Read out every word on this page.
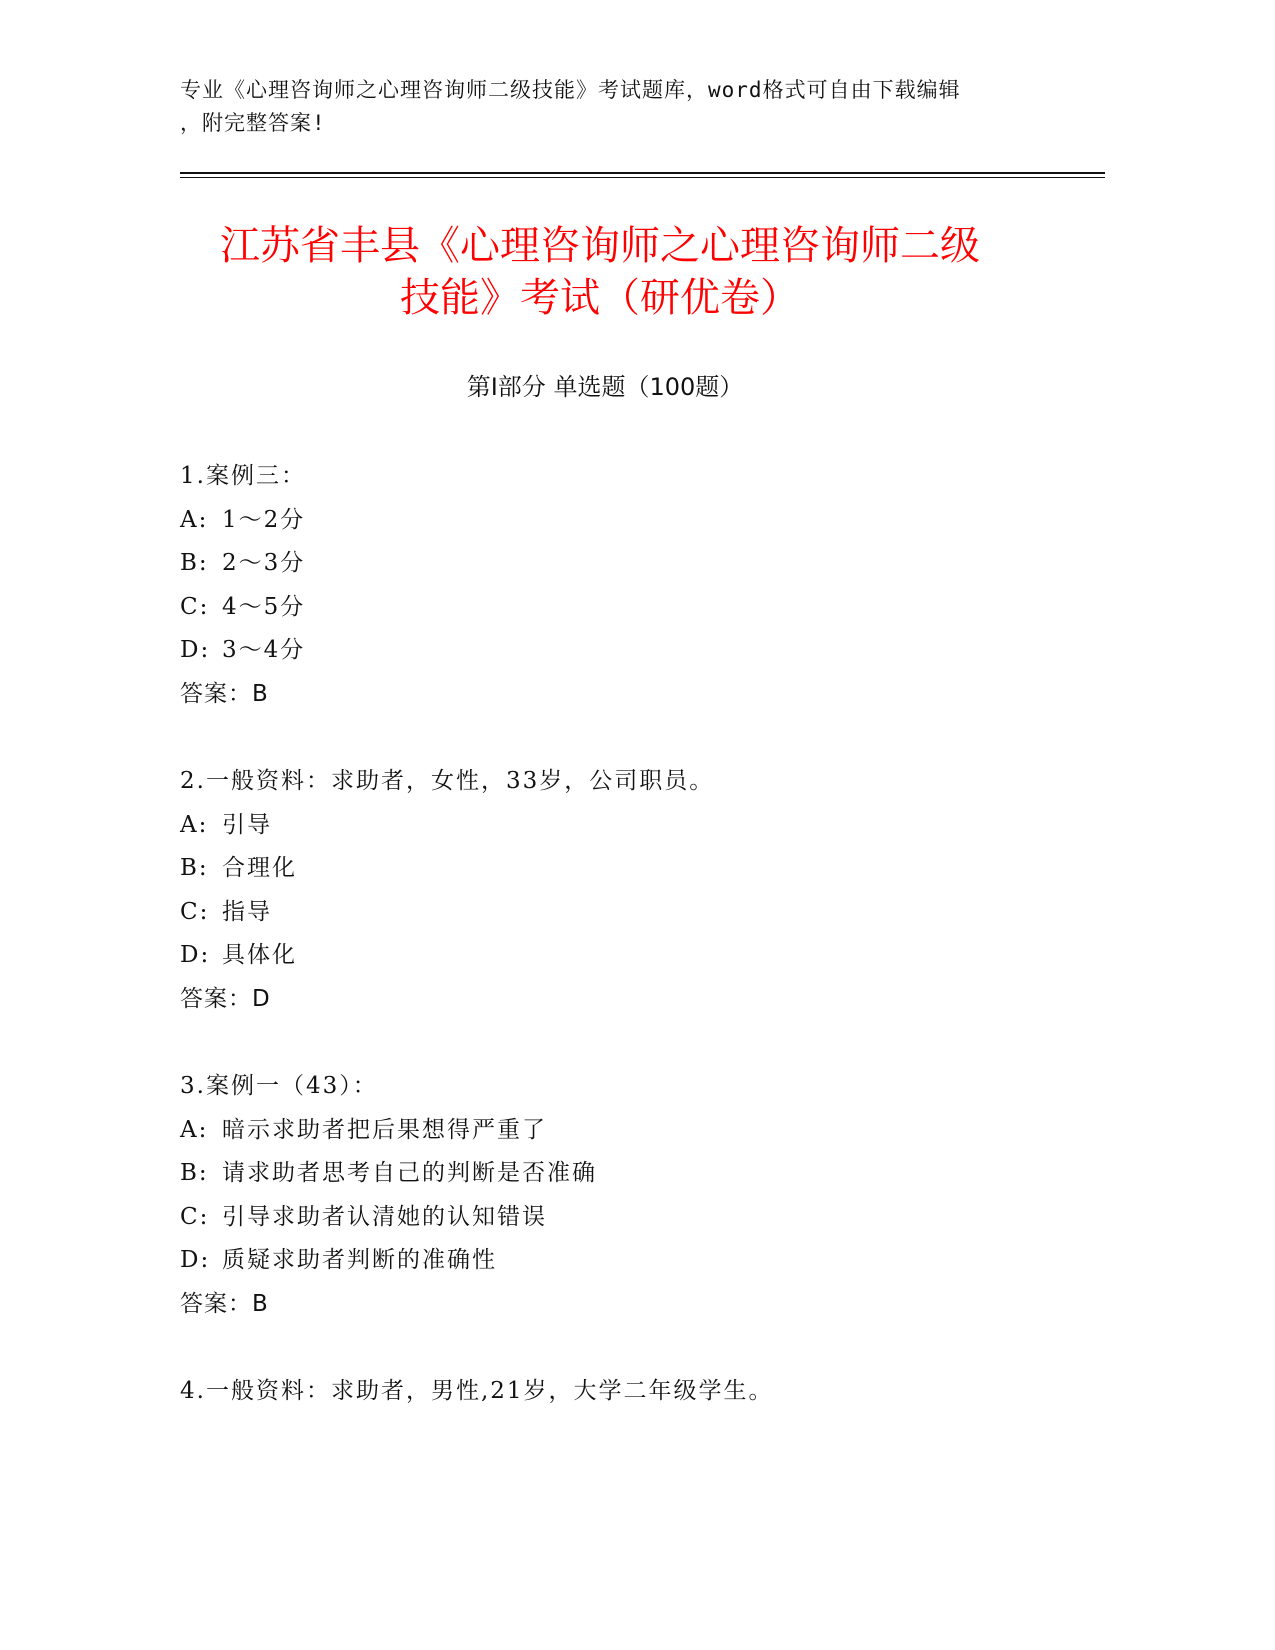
专业《心理咨询师之心理咨询师二级技能》考试题库，word格式可自由下载编辑
，附完整答案!
江苏省丰县《心理咨询师之心理咨询师二级
技能》考试（研优卷）
第Ⅰ部分 单选题（100题）
1.案例三：
A: 1～2分
B: 2～3分
C: 4～5分
D: 3～4分
答案：B
2.一般资料：求助者，女性，33岁，公司职员。
A: 引导
B: 合理化
C: 指导
D: 具体化
答案：D
3.案例一（43）：
A: 暗示求助者把后果想得严重了
B: 请求助者思考自己的判断是否准确
C: 引导求助者认清她的认知错误
D: 质疑求助者判断的准确性
答案：B
4.一般资料：求助者，男性,21岁，大学二年级学生。
